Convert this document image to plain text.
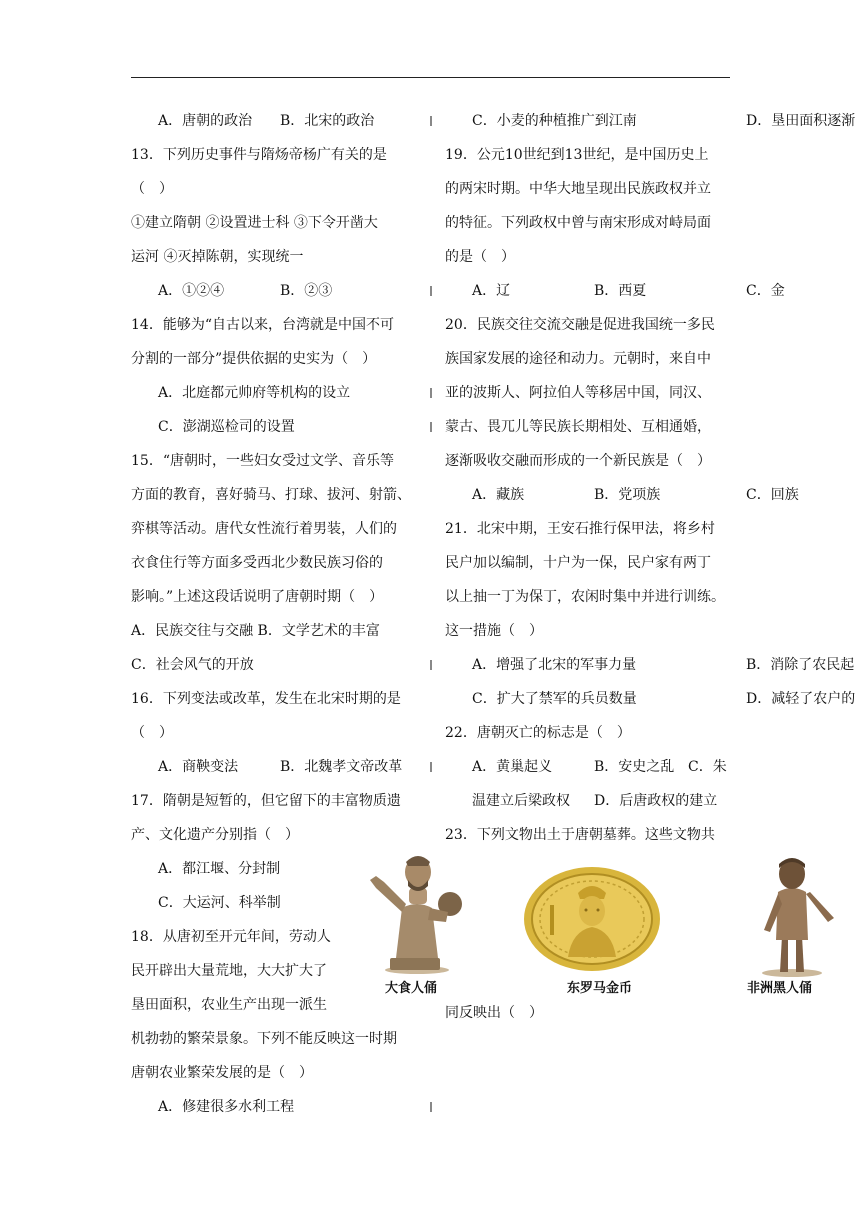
A．唐朝的政治 B．北宋的政治
13．下列历史事件与隋炀帝杨广有关的是
（　）
①建立隋朝 ②设置进士科 ③下令开凿大
运河 ④灭掉陈朝，实现统一
A．①②④	B．②③
14．能够为“自古以来，台湾就是中国不可
分割的一部分”提供依据的史实为（　）
A．北庭都元帅府等机构的设立
C．澎湖巡检司的设置
15．“唐朝时，一些妇女受过文学、音乐等
方面的教育，喜好骑马、打球、拔河、射箭、
弈棋等活动。唐代女性流行着男装，人们的
衣食住行等方面多受西北少数民族习俗的
影响。”上述这段话说明了唐朝时期（　）
A．民族交往与交融 B．文学艺术的丰富
C．社会风气的开放
16．下列变法或改革，发生在北宋时期的是
（　）
A．商鞅变法	B．北魏孝文帝改革
17．隋朝是短暂的，但它留下的丰富物质遗
产、文化遗产分别指（　）
A．都江堰、分封制
C．大运河、科举制
18．从唐初至开元年间，劳动人
民开辟出大量荒地，大大扩大了
垦田面积，农业生产出现一派生
机勃勃的繁荣景象。下列不能反映这一时期
唐朝农业繁荣发展的是（　）
A．修建很多水利工程
C．小麦的种植推广到江南	D．垦田面积逐渐
19．公元10世纪到13世纪，是中国历史上
的两宋时期。中华大地呈现出民族政权并立
的特征。下列政权中曾与南宋形成对峙局面
的是（　）
A．辽	B．西夏	C．金
20．民族交往交流交融是促进我国统一多民
族国家发展的途径和动力。元朝时，来自中
亚的波斯人、阿拉伯人等移居中国，同汉、
蒙古、畏兀儿等民族长期相处、互相通婚，
逐渐吸收交融而形成的一个新民族是（　）
A．藏族	B．党项族	C．回族
21．北宋中期，王安石推行保甲法，将乡村
民户加以编制，十户为一保，民户家有两丁
以上抽一丁为保丁，农闲时集中并进行训练。
这一措施（　）
A．增强了北宋的军事力量	B．消除了农民起
C．扩大了禁军的兵员数量	D．减轻了农户的
22．唐朝灭亡的标志是（　）
A．黄巢起义	B．安史之乱 C．朱
温建立后梁政权 D．后唐政权的建立
23．下列文物出土于唐朝墓葬。这些文物共
同反映出（　）
大食人俑	东罗马金币	非洲黑人俑
